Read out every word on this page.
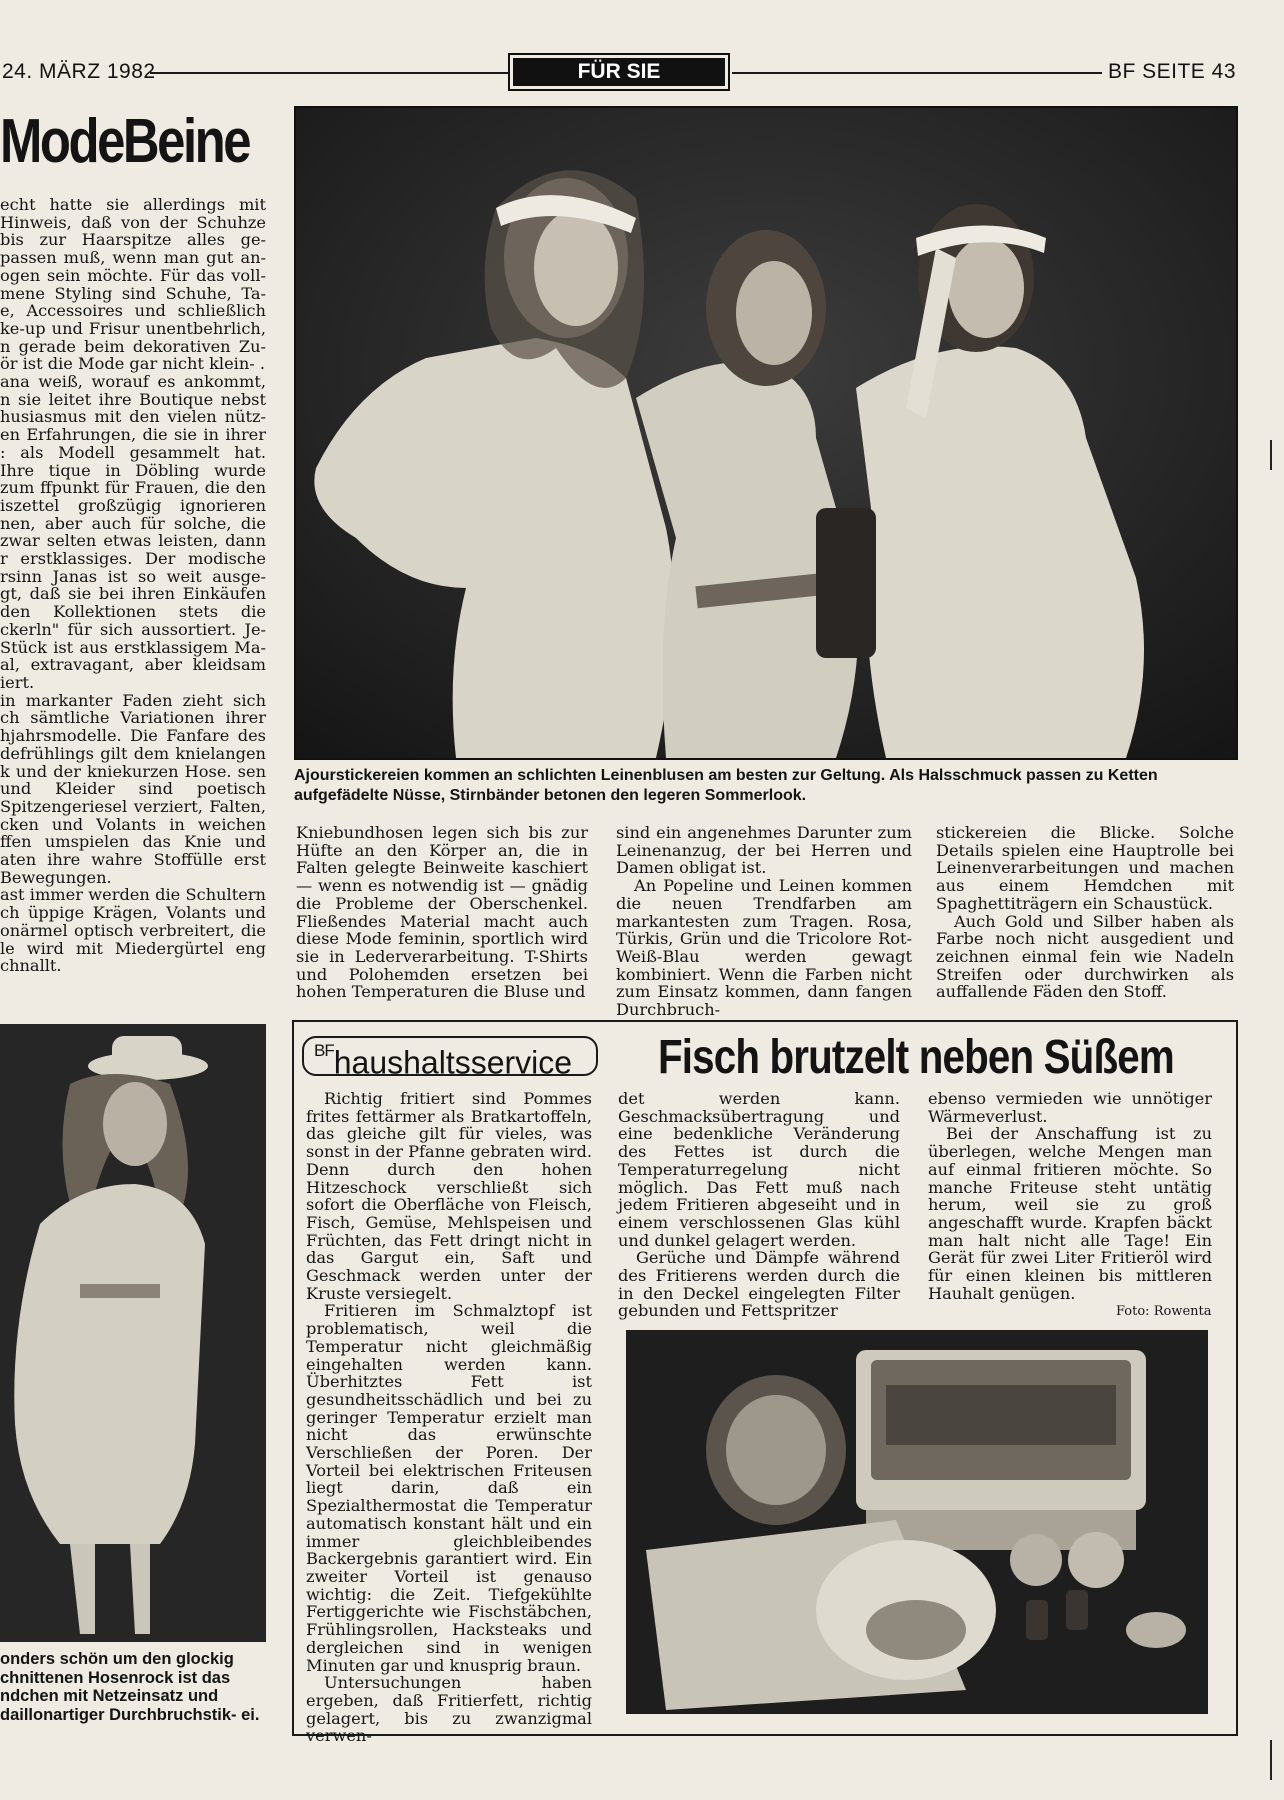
24. MÄRZ 1982	FÜR SIE	BF SEITE 43
ModeBeine

echt hatte sie allerdings mit Hinweis, daß von der Schuhze bis zur Haarspitze alles ge- passen muß, wenn man gut an- ogen sein möchte. Für das voll- mene Styling sind Schuhe, Ta- e, Accessoires und schließlich ke-up und Frisur unentbehrlich, n gerade beim dekorativen Zu- ör ist die Mode gar nicht klein- .

ana weiß, worauf es ankommt, n sie leitet ihre Boutique nebst husiasmus mit den vielen nütz- en Erfahrungen, die sie in ihrer : als Modell gesammelt hat. Ihre tique in Döbling wurde zum ffpunkt für Frauen, die den iszettel großzügig ignorieren nen, aber auch für solche, die zwar selten etwas leisten, dann r erstklassiges. Der modische rsinn Janas ist so weit ausge- gt, daß sie bei ihren Einkäufen den Kollektionen stets die ckerln" für sich aussortiert. Je- Stück ist aus erstklassigem Ma- al, extravagant, aber kleidsam iert.

in markanter Faden zieht sich ch sämtliche Variationen ihrer hjahrsmodelle. Die Fanfare des defrühlings gilt dem knielangen k und der kniekurzen Hose. sen und Kleider sind poetisch Spitzengeriesel verziert, Falten, cken und Volants in weichen ffen umspielen das Knie und aten ihre wahre Stoffülle erst Bewegungen.

ast immer werden die Schultern ch üppige Krägen, Volants und onärmel optisch verbreitert, die le wird mit Miedergürtel eng chnallt.

Ajourstickereien kommen an schlichten Leinenblusen am besten zur Geltung. Als Halsschmuck passen zu Ketten aufgefädelte Nüsse, Stirnbänder betonen den legeren Sommerlook.

Kniebundhosen legen sich bis zur Hüfte an den Körper an, die in Falten gelegte Beinweite kaschiert — wenn es notwendig ist — gnädig die Probleme der Oberschenkel. Fließendes Material macht auch diese Mode feminin, sportlich wird sie in Lederverarbeitung. T-Shirts und Polohemden ersetzen bei hohen Temperaturen die Bluse und

sind ein angenehmes Darunter zum Leinenanzug, der bei Herren und Damen obligat ist.

An Popeline und Leinen kommen die neuen Trendfarben am markantesten zum Tragen. Rosa, Türkis, Grün und die Tricolore Rot-Weiß-Blau werden gewagt kombiniert. Wenn die Farben nicht zum Einsatz kommen, dann fangen Durchbruch-

stickereien die Blicke. Solche Details spielen eine Hauptrolle bei Leinenverarbeitungen und machen aus einem Hemdchen mit Spaghettiträgern ein Schaustück.

Auch Gold und Silber haben als Farbe noch nicht ausgedient und zeichnen einmal fein wie Nadeln Streifen oder durchwirken als auffallende Fäden den Stoff.

onders schön um den glockig chnittenen Hosenrock ist das ndchen mit Netzeinsatz und daillonartiger Durchbruchstik- ei.
$^{BF}$haushaltsservice	Fisch brutzelt neben Süßem

Richtig fritiert sind Pommes frites fettärmer als Bratkartoffeln, das gleiche gilt für vieles, was sonst in der Pfanne gebraten wird. Denn durch den hohen Hitzeschock verschließt sich sofort die Oberfläche von Fleisch, Fisch, Gemüse, Mehlspeisen und Früchten, das Fett dringt nicht in das Gargut ein, Saft und Geschmack werden unter der Kruste versiegelt.

Fritieren im Schmalztopf ist problematisch, weil die Temperatur nicht gleichmäßig eingehalten werden kann. Überhitztes Fett ist gesundheitsschädlich und bei zu geringer Temperatur erzielt man nicht das erwünschte Verschließen der Poren. Der Vorteil bei elektrischen Friteusen liegt darin, daß ein Spezialthermostat die Temperatur automatisch konstant hält und ein immer gleichbleibendes Backergebnis garantiert wird. Ein zweiter Vorteil ist genauso wichtig: die Zeit. Tiefgekühlte Fertiggerichte wie Fischstäbchen, Frühlingsrollen, Hacksteaks und dergleichen sind in wenigen Minuten gar und knusprig braun.

Untersuchungen haben ergeben, daß Fritierfett, richtig gelagert, bis zu zwanzigmal verwen-

det werden kann. Geschmacksübertragung und eine bedenkliche Veränderung des Fettes ist durch die Temperaturregelung nicht möglich. Das Fett muß nach jedem Fritieren abgeseiht und in einem verschlossenen Glas kühl und dunkel gelagert werden.

Gerüche und Dämpfe während des Fritierens werden durch die in den Deckel eingelegten Filter gebunden und Fettspritzer

ebenso vermieden wie unnötiger Wärmeverlust.

Bei der Anschaffung ist zu überlegen, welche Mengen man auf einmal fritieren möchte. So manche Friteuse steht untätig herum, weil sie zu groß angeschafft wurde. Krapfen bäckt man halt nicht alle Tage! Ein Gerät für zwei Liter Fritieröl wird für einen kleinen bis mittleren Hauhalt genügen.

Foto: Rowenta
